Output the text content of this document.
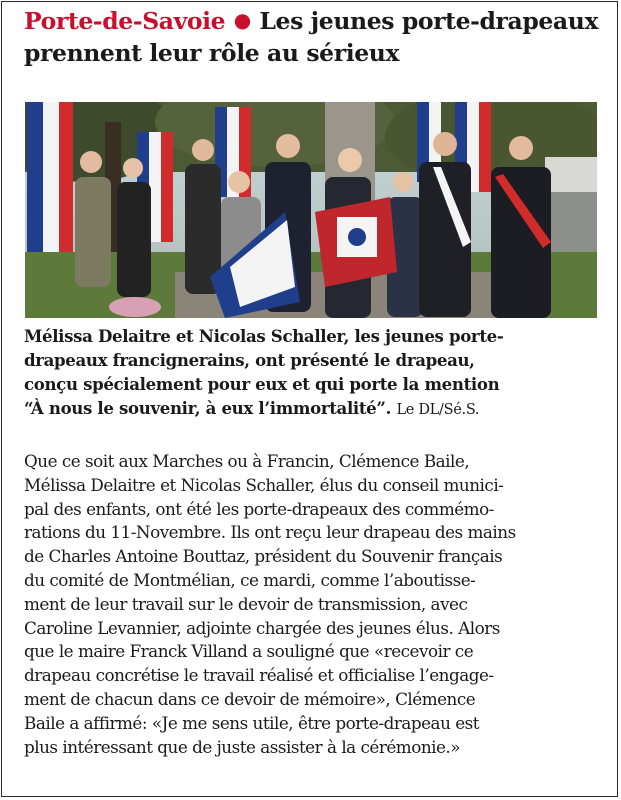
Porte-de-Savoie ● Les jeunes porte-drapeaux
prennent leur rôle au sérieux
Mélissa Delaitre et Nicolas Schaller, les jeunes porte-
drapeaux francignerains, ont présenté le drapeau,
conçu spécialement pour eux et qui porte la mention
“À nous le souvenir, à eux l’immortalité”. Le DL/Sé.S.
Que ce soit aux Marches ou à Francin, Clémence Baile,
Mélissa Delaitre et Nicolas Schaller, élus du conseil munici-
pal des enfants, ont été les porte-drapeaux des commémo-
rations du 11-Novembre. Ils ont reçu leur drapeau des mains
de Charles Antoine Bouttaz, président du Souvenir français
du comité de Montmélian, ce mardi, comme l’aboutisse-
ment de leur travail sur le devoir de transmission, avec
Caroline Levannier, adjointe chargée des jeunes élus. Alors
que le maire Franck Villand a souligné que «recevoir ce
drapeau concrétise le travail réalisé et officialise l’engage-
ment de chacun dans ce devoir de mémoire», Clémence
Baile a affirmé: «Je me sens utile, être porte-drapeau est
plus intéressant que de juste assister à la cérémonie.»
